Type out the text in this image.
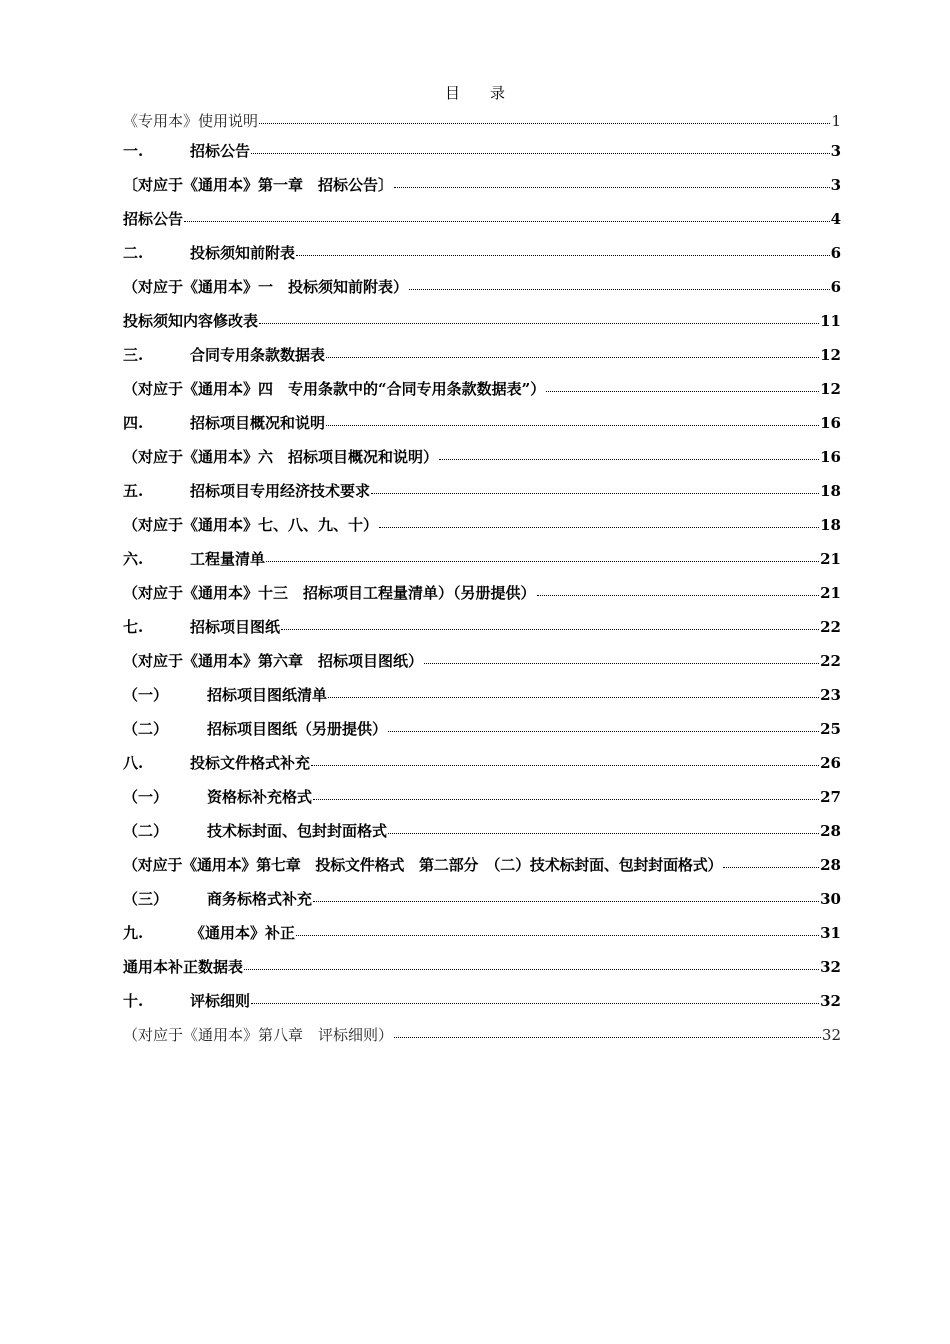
目 录
《专用本》使用说明	1
一.	招标公告	3
〔对应于《通用本》第一章　招标公告〕	3
招标公告	4
二.	投标须知前附表	6
（对应于《通用本》一　投标须知前附表）	6
投标须知内容修改表	11
三.	合同专用条款数据表	12
（对应于《通用本》四　专用条款中的“合同专用条款数据表”）	12
四.	招标项目概况和说明	16
（对应于《通用本》六　招标项目概况和说明）	16
五.	招标项目专用经济技术要求	18
（对应于《通用本》七、八、九、十）	18
六.	工程量清单	21
（对应于《通用本》十三　招标项目工程量清单）（另册提供）	21
七.	招标项目图纸	22
（对应于《通用本》第六章　招标项目图纸）	22
（一）	招标项目图纸清单	23
（二）	招标项目图纸（另册提供）	25
八.	投标文件格式补充	26
（一）	资格标补充格式	27
（二）	技术标封面、包封封面格式	28
（对应于《通用本》第七章　投标文件格式　第二部分　（二）技术标封面、包封封面格式）	28
（三）	商务标格式补充	30
九.	《通用本》补正	31
通用本补正数据表	32
十.	评标细则	32
（对应于《通用本》第八章　评标细则）	32
